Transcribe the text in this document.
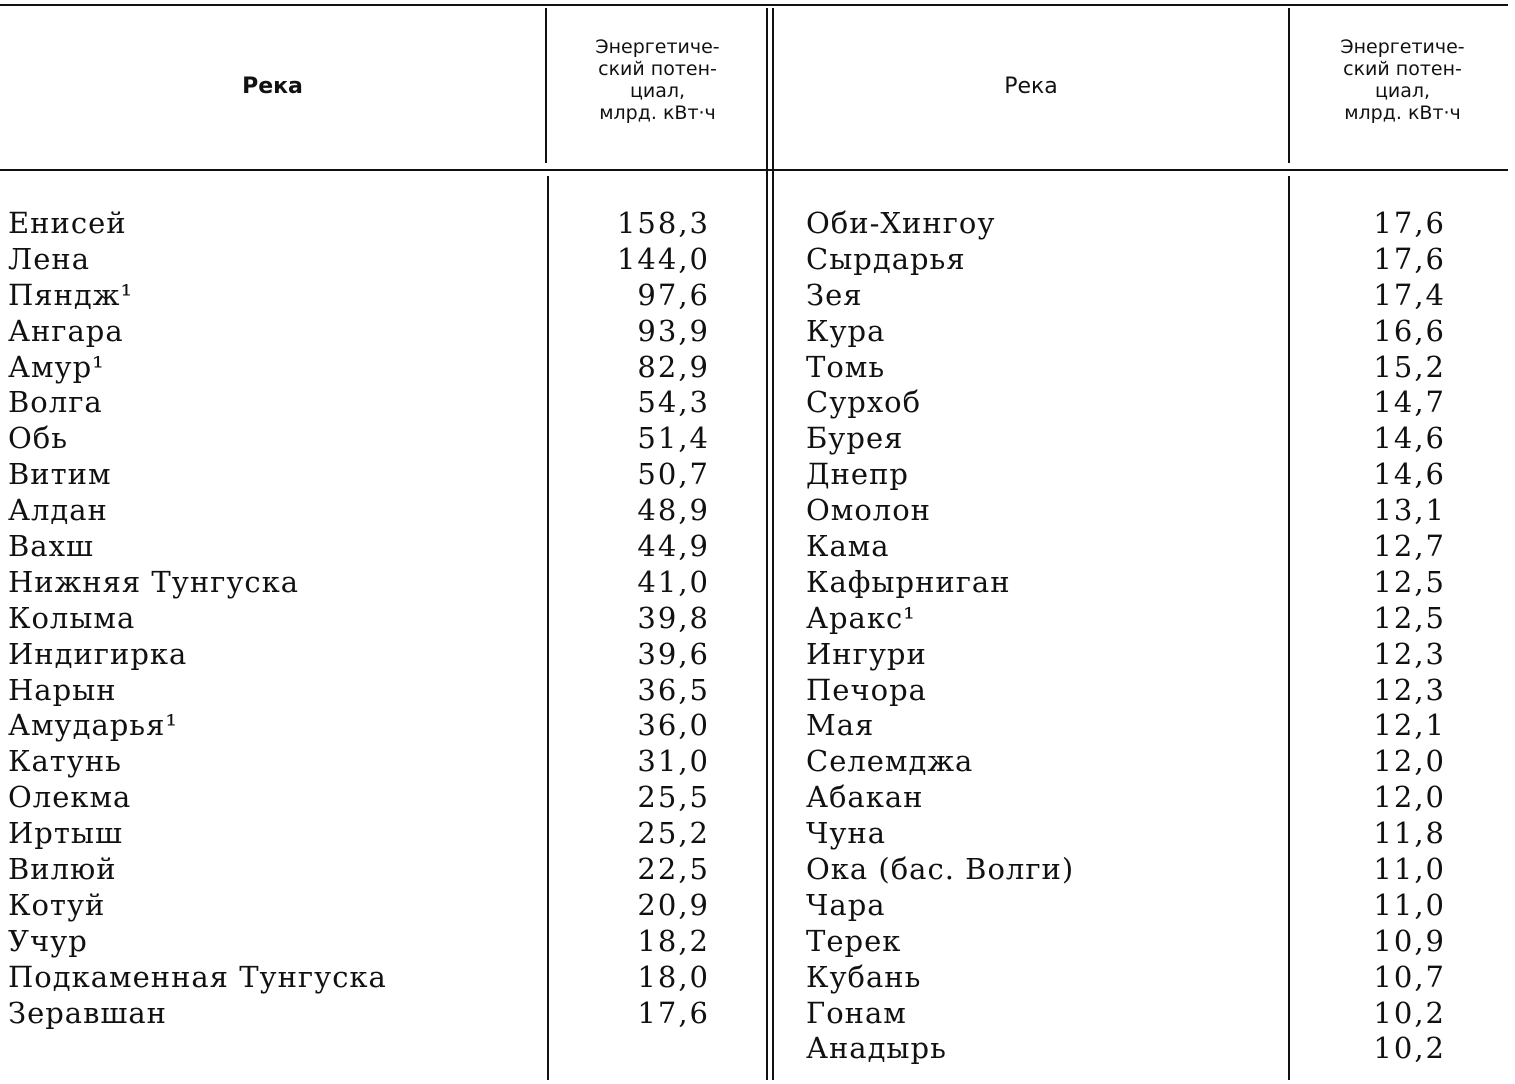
Река
Энергетиче-
ский потен-
циал,
млрд. кВт·ч
Река
Энергетиче-
ский потен-
циал,
млрд. кВт·ч
Енисей
Лена
Пяндж¹
Ангара
Амур¹
Волга
Обь
Витим
Алдан
Вахш
Нижняя Тунгуска
Колыма
Индигирка
Нарын
Амударья¹
Катунь
Олекма
Иртыш
Вилюй
Котуй
Учур
Подкаменная Тунгуска
Зеравшан
158,3
144,0
97,6
93,9
82,9
54,3
51,4
50,7
48,9
44,9
41,0
39,8
39,6
36,5
36,0
31,0
25,5
25,2
22,5
20,9
18,2
18,0
17,6
Оби-Хингоу
Сырдарья
Зея
Кура
Томь
Сурхоб
Бурея
Днепр
Омолон
Кама
Кафырниган
Аракс¹
Ингури
Печора
Мая
Селемджа
Абакан
Чуна
Ока (бас. Волги)
Чара
Терек
Кубань
Гонам
Анадырь
17,6
17,6
17,4
16,6
15,2
14,7
14,6
14,6
13,1
12,7
12,5
12,5
12,3
12,3
12,1
12,0
12,0
11,8
11,0
11,0
10,9
10,7
10,2
10,2
